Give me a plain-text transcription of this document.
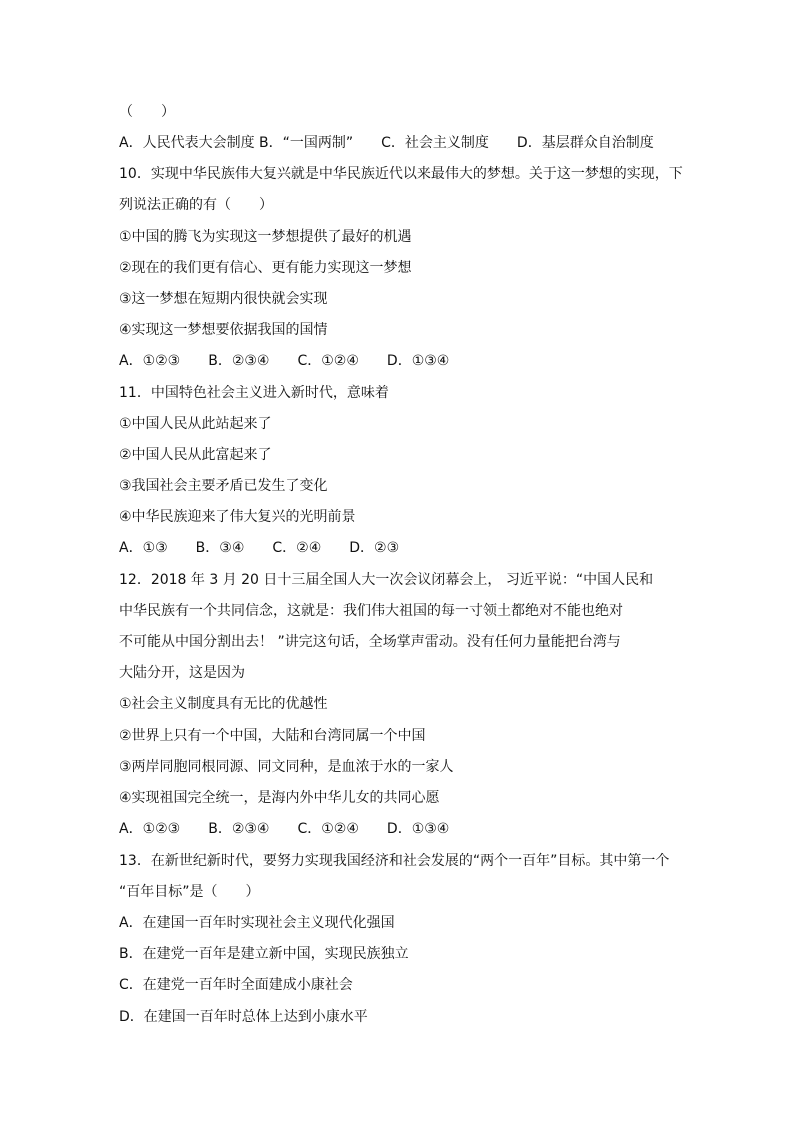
（　　）
A．人民代表大会制度 B．“一国两制”　　C．社会主义制度　　D．基层群众自治制度
10．实现中华民族伟大复兴就是中华民族近代以来最伟大的梦想。关于这一梦想的实现，下
列说法正确的有（　　）
①中国的腾飞为实现这一梦想提供了最好的机遇
②现在的我们更有信心、更有能力实现这一梦想
③这一梦想在短期内很快就会实现
④实现这一梦想要依据我国的国情
A．①②③　　B．②③④　　C．①②④　　D．①③④
11．中国特色社会主义进入新时代，意味着
①中国人民从此站起来了
②中国人民从此富起来了
③我国社会主要矛盾已发生了变化
④中华民族迎来了伟大复兴的光明前景
A．①③　　B．③④　　C．②④　　D．②③
12．2018 年 3 月 20 日十三届全国人大一次会议闭幕会上， 习近平说：“中国人民和
中华民族有一个共同信念，这就是：我们伟大祖国的每一寸领土都绝对不能也绝对
不可能从中国分割出去！ ”讲完这句话，全场掌声雷动。没有任何力量能把台湾与
大陆分开，这是因为
①社会主义制度具有无比的优越性
②世界上只有一个中国，大陆和台湾同属一个中国
③两岸同胞同根同源、同文同种，是血浓于水的一家人
④实现祖国完全统一，是海内外中华儿女的共同心愿
A．①②③　　B．②③④　　C．①②④　　D．①③④
13．在新世纪新时代，要努力实现我国经济和社会发展的“两个一百年”目标。其中第一个
“百年目标”是（　　）
A．在建国一百年时实现社会主义现代化强国
B．在建党一百年是建立新中国，实现民族独立
C．在建党一百年时全面建成小康社会
D．在建国一百年时总体上达到小康水平
